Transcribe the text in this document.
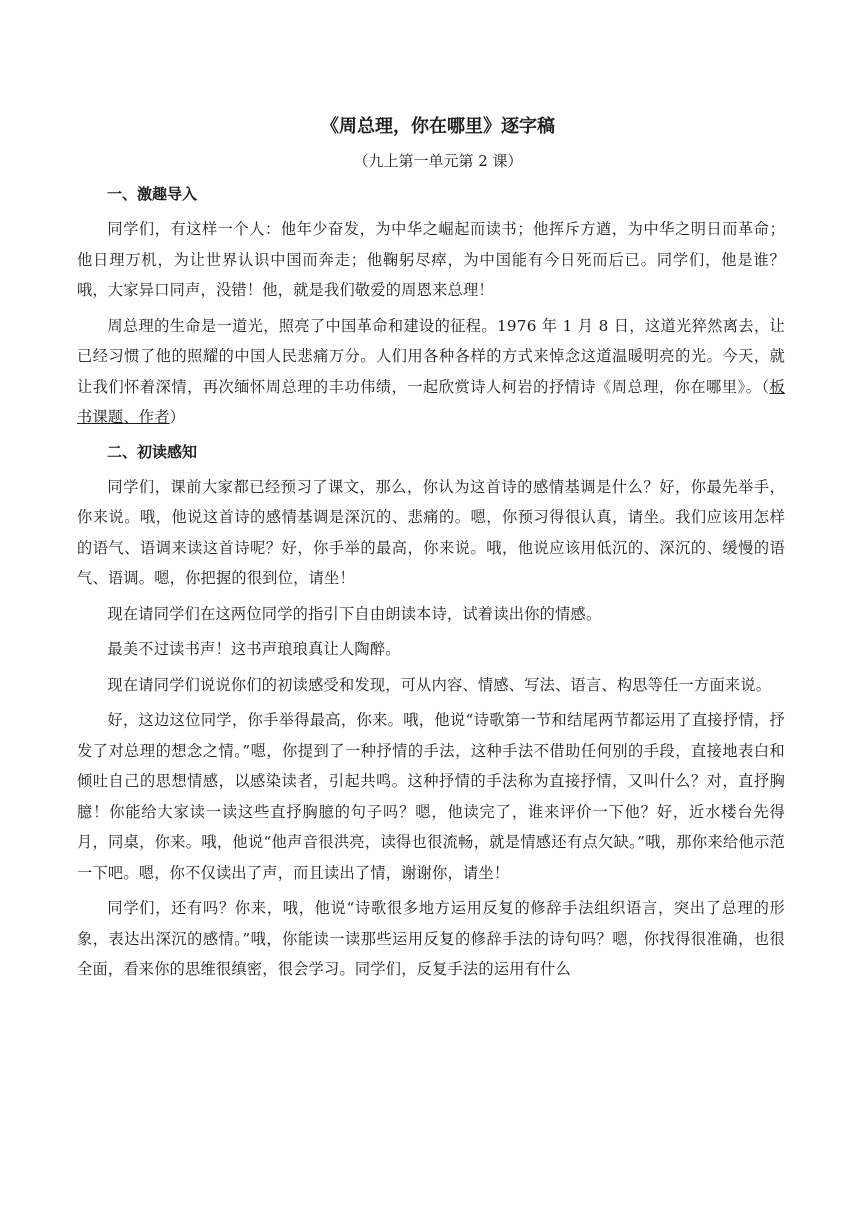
《周总理，你在哪里》逐字稿
（九上第一单元第 2 课）
一、激趣导入

同学们，有这样一个人：他年少奋发，为中华之崛起而读书；他挥斥方遒，为中华之明日而革命；他日理万机，为让世界认识中国而奔走；他鞠躬尽瘁，为中国能有今日死而后已。同学们，他是谁？哦，大家异口同声，没错！他，就是我们敬爱的周恩来总理！

周总理的生命是一道光，照亮了中国革命和建设的征程。1976 年 1 月 8 日，这道光猝然离去，让已经习惯了他的照耀的中国人民悲痛万分。人们用各种各样的方式来悼念这道温暖明亮的光。今天，就让我们怀着深情，再次缅怀周总理的丰功伟绩，一起欣赏诗人柯岩的抒情诗《周总理，你在哪里》。（板书课题、作者）

二、初读感知

同学们，课前大家都已经预习了课文，那么，你认为这首诗的感情基调是什么？好，你最先举手，你来说。哦，他说这首诗的感情基调是深沉的、悲痛的。嗯，你预习得很认真，请坐。我们应该用怎样的语气、语调来读这首诗呢？好，你手举的最高，你来说。哦，他说应该用低沉的、深沉的、缓慢的语气、语调。嗯，你把握的很到位，请坐！

现在请同学们在这两位同学的指引下自由朗读本诗，试着读出你的情感。

最美不过读书声！这书声琅琅真让人陶醉。

现在请同学们说说你们的初读感受和发现，可从内容、情感、写法、语言、构思等任一方面来说。

好，这边这位同学，你手举得最高，你来。哦，他说“诗歌第一节和结尾两节都运用了直接抒情，抒发了对总理的想念之情。”嗯，你提到了一种抒情的手法，这种手法不借助任何别的手段，直接地表白和倾吐自己的思想情感，以感染读者，引起共鸣。这种抒情的手法称为直接抒情，又叫什么？对，直抒胸臆！你能给大家读一读这些直抒胸臆的句子吗？嗯，他读完了，谁来评价一下他？好，近水楼台先得月，同桌，你来。哦，他说“他声音很洪亮，读得也很流畅，就是情感还有点欠缺。”哦，那你来给他示范一下吧。嗯，你不仅读出了声，而且读出了情，谢谢你，请坐！

同学们，还有吗？你来，哦，他说“诗歌很多地方运用反复的修辞手法组织语言，突出了总理的形象，表达出深沉的感情。”哦，你能读一读那些运用反复的修辞手法的诗句吗？嗯，你找得很准确，也很全面，看来你的思维很缜密，很会学习。同学们，反复手法的运用有什么
